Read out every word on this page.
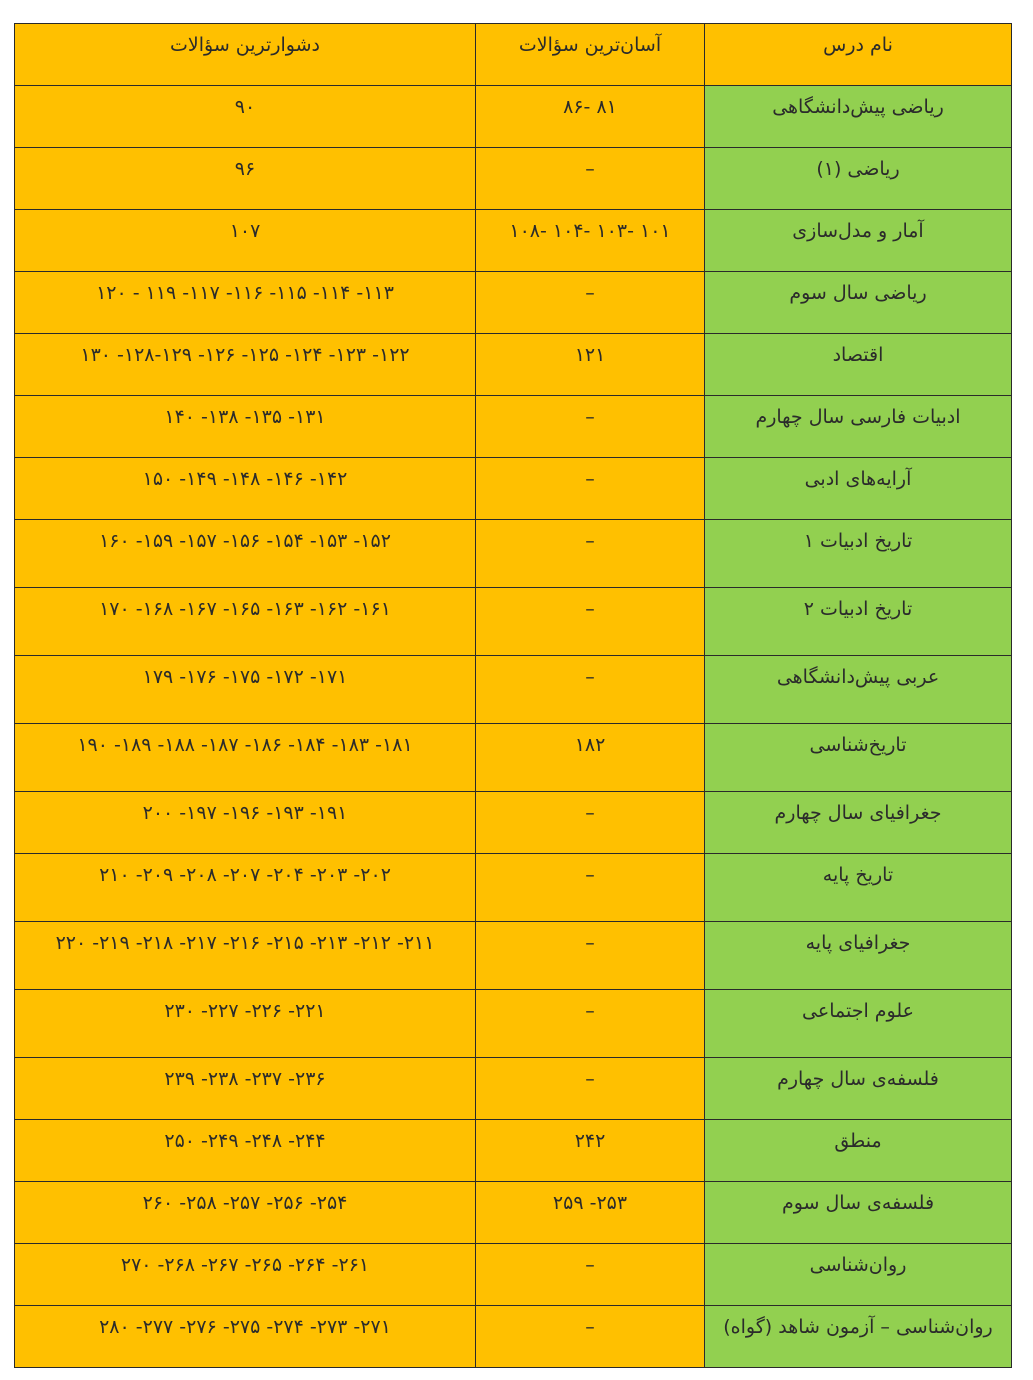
نام درس	آسان‌ترین سؤالات	دشوارترین سؤالات
ریاضی پیش‌دانشگاهی	۸۱ -۸۶	۹۰
ریاضی (۱)	–	۹۶
آمار و مدل‌سازی	۱۰۱ -۱۰۳ -۱۰۴ -۱۰۸	۱۰۷
ریاضی سال سوم	–	۱۱۳- ۱۱۴- ۱۱۵- ۱۱۶- ۱۱۷- ۱۱۹ - ۱۲۰
اقتصاد	۱۲۱	۱۲۲- ۱۲۳- ۱۲۴- ۱۲۵- ۱۲۶- ۱۲۸-۱۲۹- ۱۳۰
ادبیات فارسی سال چهارم	–	۱۳۱- ۱۳۵- ۱۳۸- ۱۴۰
آرایه‌های ادبی	–	۱۴۲- ۱۴۶- ۱۴۸- ۱۴۹- ۱۵۰
تاریخ ادبیات ۱	–	۱۵۲- ۱۵۳- ۱۵۴- ۱۵۶- ۱۵۷- ۱۵۹- ۱۶۰
تاریخ ادبیات ۲	–	۱۶۱- ۱۶۲- ۱۶۳- ۱۶۵- ۱۶۷- ۱۶۸- ۱۷۰
عربی پیش‌دانشگاهی	–	۱۷۱- ۱۷۲- ۱۷۵- ۱۷۶- ۱۷۹
تاریخ‌شناسی	۱۸۲	۱۸۱- ۱۸۳- ۱۸۴- ۱۸۶- ۱۸۷- ۱۸۸- ۱۸۹- ۱۹۰
جغرافیای سال چهارم	–	۱۹۱- ۱۹۳- ۱۹۶- ۱۹۷- ۲۰۰
تاریخ پایه	–	۲۰۲- ۲۰۳- ۲۰۴- ۲۰۷- ۲۰۸- ۲۰۹- ۲۱۰
جغرافیای پایه	–	۲۱۱- ۲۱۲- ۲۱۳- ۲۱۵- ۲۱۶- ۲۱۷- ۲۱۸- ۲۱۹- ۲۲۰
علوم اجتماعی	–	۲۲۱- ۲۲۶- ۲۲۷- ۲۳۰
فلسفه‌ی سال چهارم	–	۲۳۶- ۲۳۷- ۲۳۸- ۲۳۹
منطق	۲۴۲	۲۴۴- ۲۴۸- ۲۴۹- ۲۵۰
فلسفه‌ی سال سوم	۲۵۳- ۲۵۹	۲۵۴- ۲۵۶- ۲۵۷- ۲۵۸- ۲۶۰
روان‌شناسی	–	۲۶۱- ۲۶۴- ۲۶۵- ۲۶۷- ۲۶۸- ۲۷۰
روان‌شناسی – آزمون شاهد (گواه)	–	۲۷۱- ۲۷۳- ۲۷۴- ۲۷۵- ۲۷۶- ۲۷۷- ۲۸۰
